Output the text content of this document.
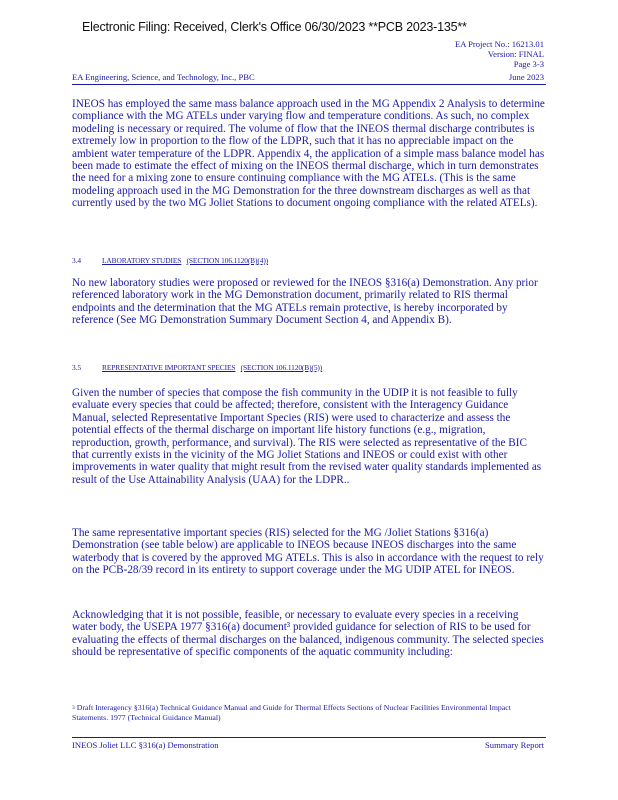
Electronic Filing: Received, Clerk's Office 06/30/2023 **PCB 2023-135**
EA Project No.: 16213.01
Version: FINAL
Page 3-3
EA Engineering, Science, and Technology, Inc., PBC	June 2023

INEOS has employed the same mass balance approach used in the MG Appendix 2 Analysis to determine compliance with the MG ATELs under varying flow and temperature conditions. As such, no complex modeling is necessary or required. The volume of flow that the INEOS thermal discharge contributes is extremely low in proportion to the flow of the LDPR, such that it has no appreciable impact on the ambient water temperature of the LDPR. Appendix 4, the application of a simple mass balance model has been made to estimate the effect of mixing on the INEOS thermal discharge, which in turn demonstrates the need for a mixing zone to ensure continuing compliance with the MG ATELs. (This is the same modeling approach used in the MG Demonstration for the three downstream discharges as well as that currently used by the two MG Joliet Stations to document ongoing compliance with the related ATELs).

3.4	LABORATORY STUDIES (SECTION 106.1120(B)(4))

No new laboratory studies were proposed or reviewed for the INEOS §316(a) Demonstration. Any prior referenced laboratory work in the MG Demonstration document, primarily related to RIS thermal endpoints and the determination that the MG ATELs remain protective, is hereby incorporated by reference (See MG Demonstration Summary Document Section 4, and Appendix B).

3.5	REPRESENTATIVE IMPORTANT SPECIES (SECTION 106.1120(B)(5))

Given the number of species that compose the fish community in the UDIP it is not feasible to fully evaluate every species that could be affected; therefore, consistent with the Interagency Guidance Manual, selected Representative Important Species (RIS) were used to characterize and assess the potential effects of the thermal discharge on important life history functions (e.g., migration, reproduction, growth, performance, and survival). The RIS were selected as representative of the BIC that currently exists in the vicinity of the MG Joliet Stations and INEOS or could exist with other improvements in water quality that might result from the revised water quality standards implemented as result of the Use Attainability Analysis (UAA) for the LDPR..

The same representative important species (RIS) selected for the MG /Joliet Stations §316(a) Demonstration (see table below) are applicable to INEOS because INEOS discharges into the same waterbody that is covered by the approved MG ATELs. This is also in accordance with the request to rely on the PCB-28/39 record in its entirety to support coverage under the MG UDIP ATEL for INEOS.

Acknowledging that it is not possible, feasible, or necessary to evaluate every species in a receiving water body, the USEPA 1977 §316(a) document³ provided guidance for selection of RIS to be used for evaluating the effects of thermal discharges on the balanced, indigenous community. The selected species should be representative of specific components of the aquatic community including:

$^3$ Draft Interagency §316(a) Technical Guidance Manual and Guide for Thermal Effects Sections of Nuclear Facilities Environmental Impact Statements. 1977 (Technical Guidance Manual)
INEOS Joliet LLC §316(a) Demonstration	Summary Report
